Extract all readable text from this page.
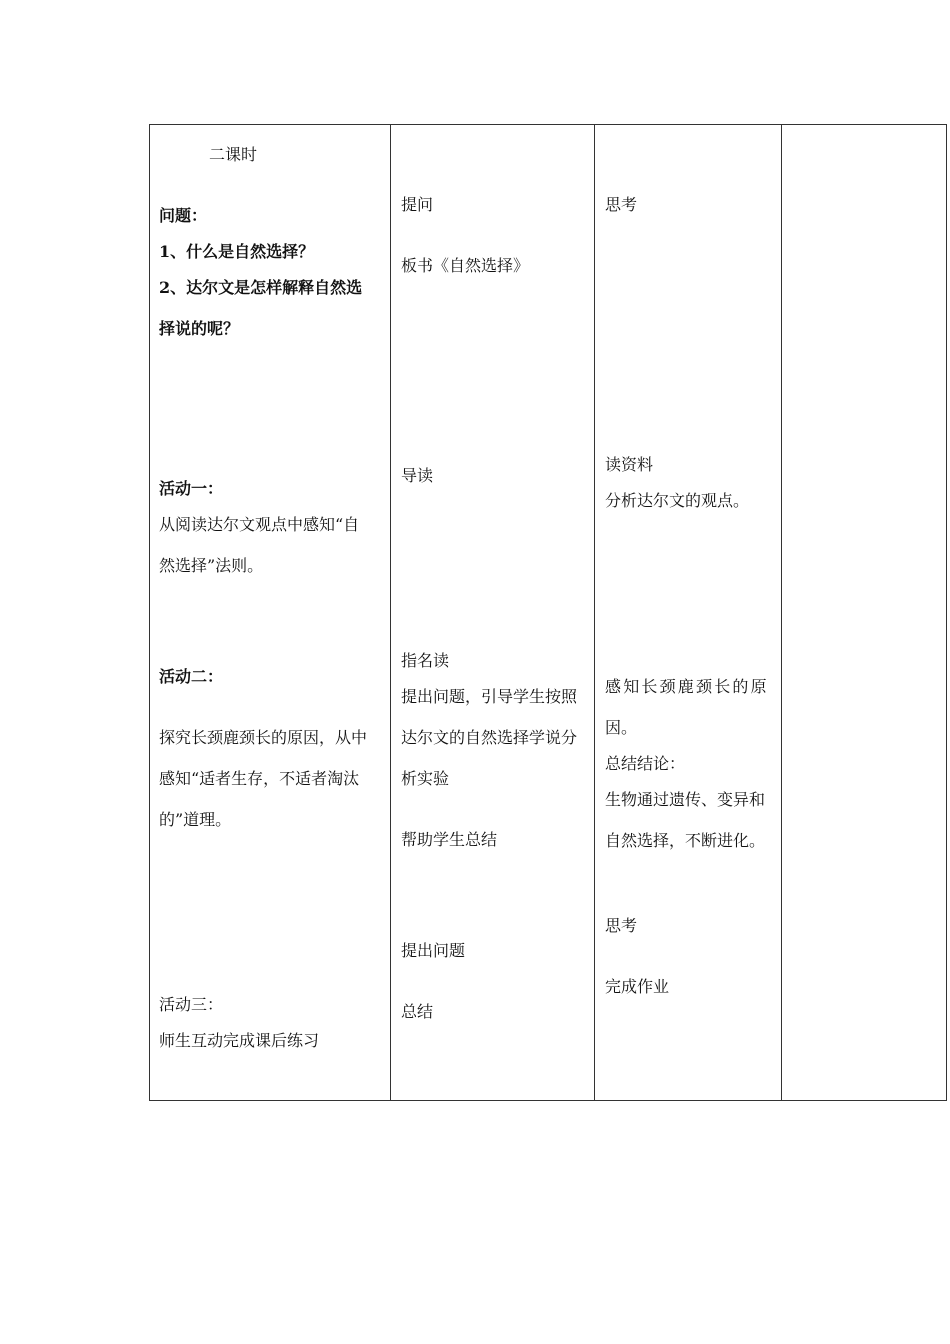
二课时
问题：
1、什么是自然选择？
2、达尔文是怎样解释自然选
择说的呢？
活动一：
从阅读达尔文观点中感知“自
然选择”法则。
活动二：
探究长颈鹿颈长的原因，从中
感知“适者生存，不适者淘汰
的”道理。
活动三：
师生互动完成课后练习
提问
板书《自然选择》
导读
指名读
提出问题，引导学生按照
达尔文的自然选择学说分
析实验
帮助学生总结
提出问题
总结
思考
读资料
分析达尔文的观点。
感知长颈鹿颈长的原
因。
总结结论：
生物通过遗传、变异和
自然选择，不断进化。
思考
完成作业
